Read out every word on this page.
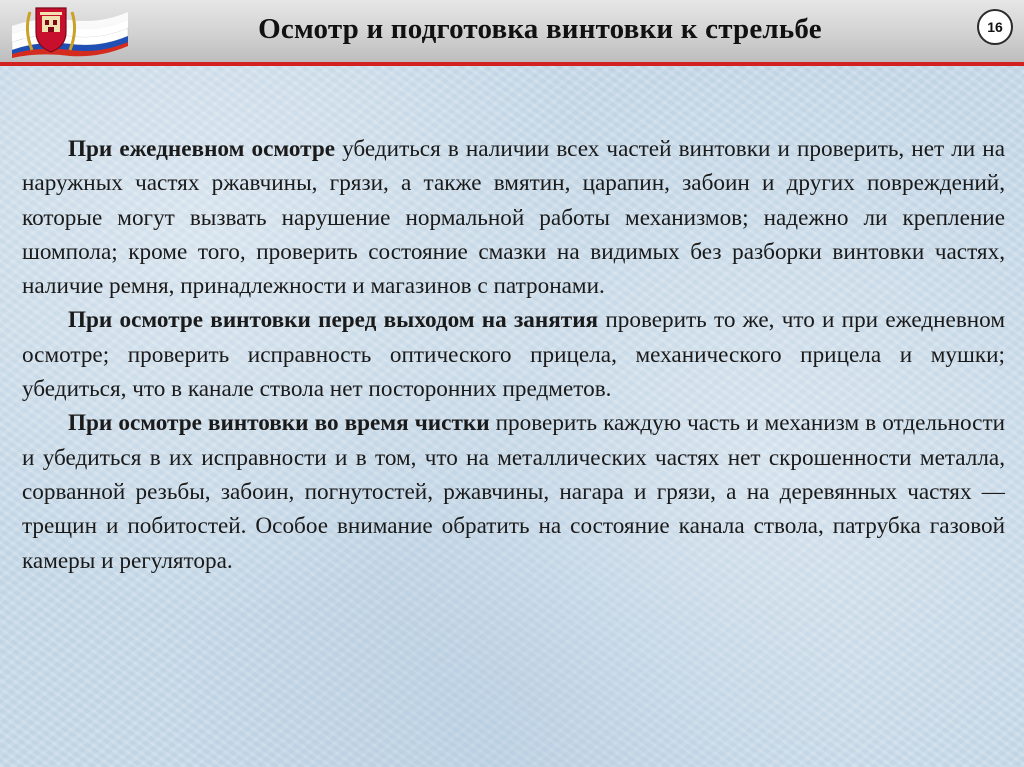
Осмотр и подготовка винтовки к стрельбе	16

При ежедневном осмотре убедиться в наличии всех частей винтовки и проверить, нет ли на наружных частях ржавчины, грязи, а также вмятин, царапин, забоин и других повреждений, которые могут вызвать нарушение нормальной работы механизмов; надежно ли крепление шомпола; кроме того, проверить состояние смазки на видимых без разборки винтовки частях, наличие ремня, принадлежности и магазинов с патронами.

При осмотре винтовки перед выходом на занятия проверить то же, что и при ежедневном осмотре; проверить исправность оптического прицела, механического прицела и мушки; убедиться, что в канале ствола нет посторонних предметов.

При осмотре винтовки во время чистки проверить каждую часть и механизм в отдельности и убедиться в их исправности и в том, что на металлических частях нет скрошенности металла, сорванной резьбы, забоин, погнутостей, ржавчины, нагара и грязи, а на деревянных частях — трещин и побитостей. Особое внимание обратить на состояние канала ствола, патрубка газовой камеры и регулятора.
